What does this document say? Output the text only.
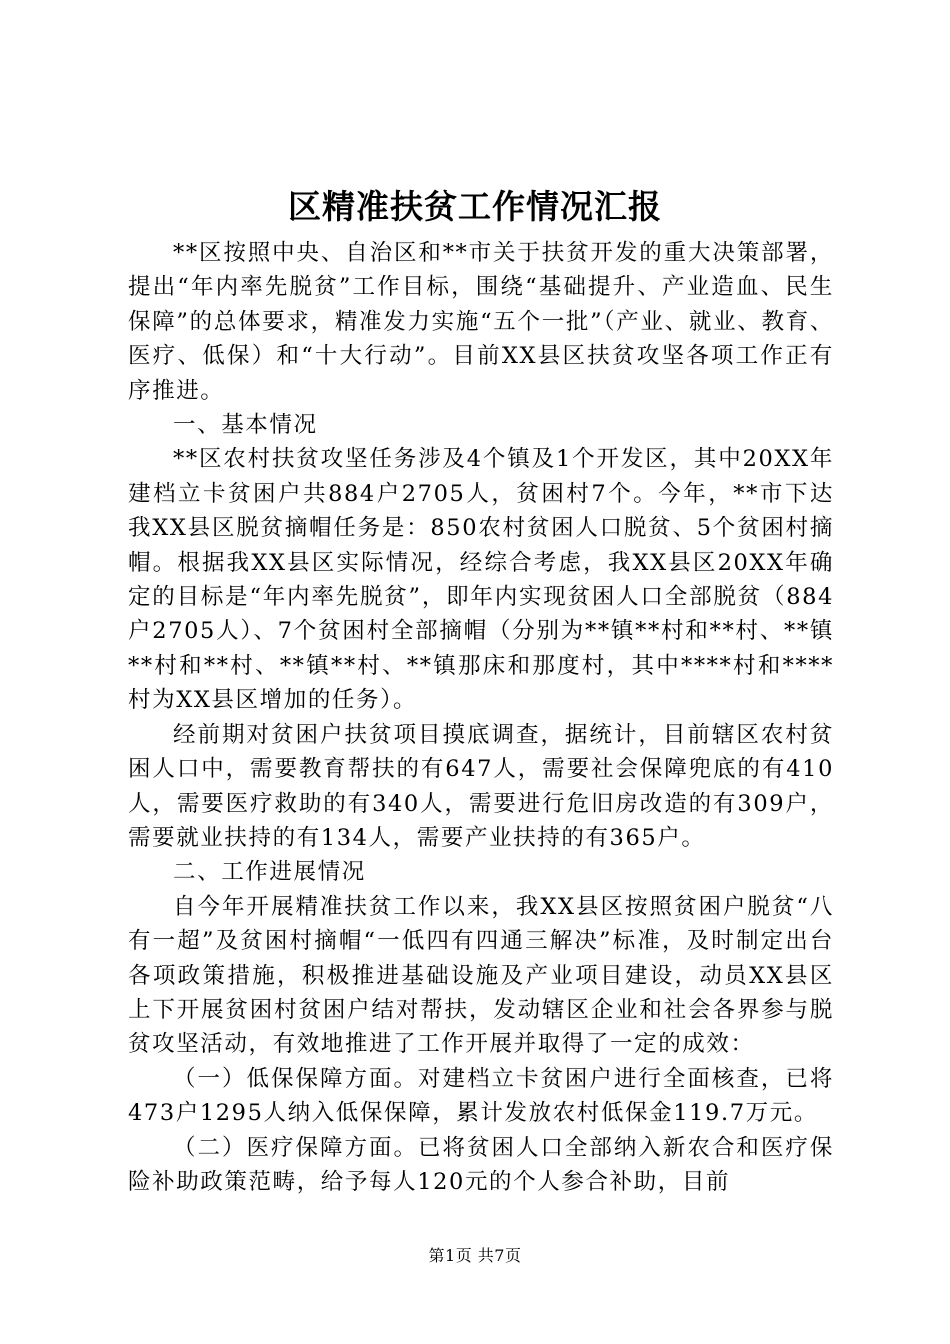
区精准扶贫工作情况汇报

**区按照中央、自治区和**市关于扶贫开发的重大决策部署，提出“年内率先脱贫”工作目标，围绕“基础提升、产业造血、民生保障”的总体要求，精准发力实施“五个一批”（产业、就业、教育、医疗、低保）和“十大行动”。目前XX县区扶贫攻坚各项工作正有序推进。

一、基本情况

**区农村扶贫攻坚任务涉及4个镇及1个开发区，其中20XX年建档立卡贫困户共884户2705人，贫困村7个。今年，**市下达我XX县区脱贫摘帽任务是：850农村贫困人口脱贫、5个贫困村摘帽。根据我XX县区实际情况，经综合考虑，我XX县区20XX年确定的目标是“年内率先脱贫”，即年内实现贫困人口全部脱贫（884户2705人）、7个贫困村全部摘帽（分别为**镇**村和**村、**镇**村和**村、**镇**村、**镇那床和那度村，其中****村和****村为XX县区增加的任务）。

经前期对贫困户扶贫项目摸底调查，据统计，目前辖区农村贫困人口中，需要教育帮扶的有647人，需要社会保障兜底的有410人，需要医疗救助的有340人，需要进行危旧房改造的有309户，需要就业扶持的有134人，需要产业扶持的有365户。

二、工作进展情况

自今年开展精准扶贫工作以来，我XX县区按照贫困户脱贫“八有一超”及贫困村摘帽“一低四有四通三解决”标准，及时制定出台各项政策措施，积极推进基础设施及产业项目建设，动员XX县区上下开展贫困村贫困户结对帮扶，发动辖区企业和社会各界参与脱贫攻坚活动，有效地推进了工作开展并取得了一定的成效：

（一）低保保障方面。对建档立卡贫困户进行全面核查，已将473户1295人纳入低保保障，累计发放农村低保金119.7万元。

（二）医疗保障方面。已将贫困人口全部纳入新农合和医疗保险补助政策范畴，给予每人120元的个人参合补助，目前

第1页 共7页
